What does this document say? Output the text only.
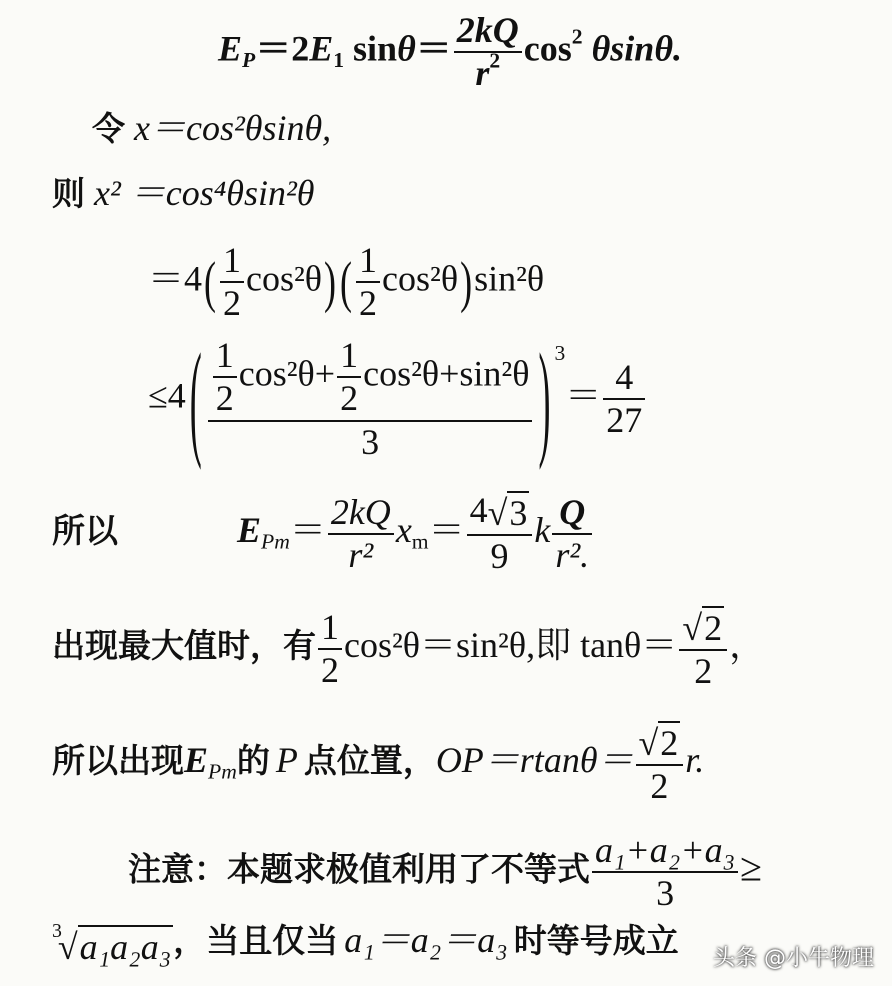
$E_P=2E_1$ $\sin\theta= \frac{2kQ}{r^2} \cos^2 \theta\sin\theta$.
令 x＝cos²θsinθ,
则 x² ＝cos⁴θsin²θ
$=4( \frac{1}{2} \cos^2\theta)$ ( $\frac{1}{2} \cos^2\theta)\sin^2\theta$
≤4 ( $\frac{\frac{1}{2} \cos^2\theta+ \frac{1}{2} \cos^2\theta+\sin^2\theta}{3}$ ) $^3= \frac{4}{27}$
所以	$E_{Pm}= \frac{2kQ}{\text{r²}} x_m= \frac{4√3}{9}$ k $\frac{Q}{\text{r².}}$
出现最大值时，有 $\frac{1}{2} \cos^2\theta=\sin^2\theta$,即 $\tan\theta= \frac{√2}{2}$ ，
所以出现$E_{Pm}$的 P 点位置，$OP=rtan\theta= \frac{√2}{2} r$.
注意：本题求极值利用了不等式 $\frac{\text{a₁+a₂+a₃}}{3}$ ≥
$^3$√a₁a₂a₃，当且仅当 a₁＝a₂＝a₃ 时等号成立 头条 @小牛物理
